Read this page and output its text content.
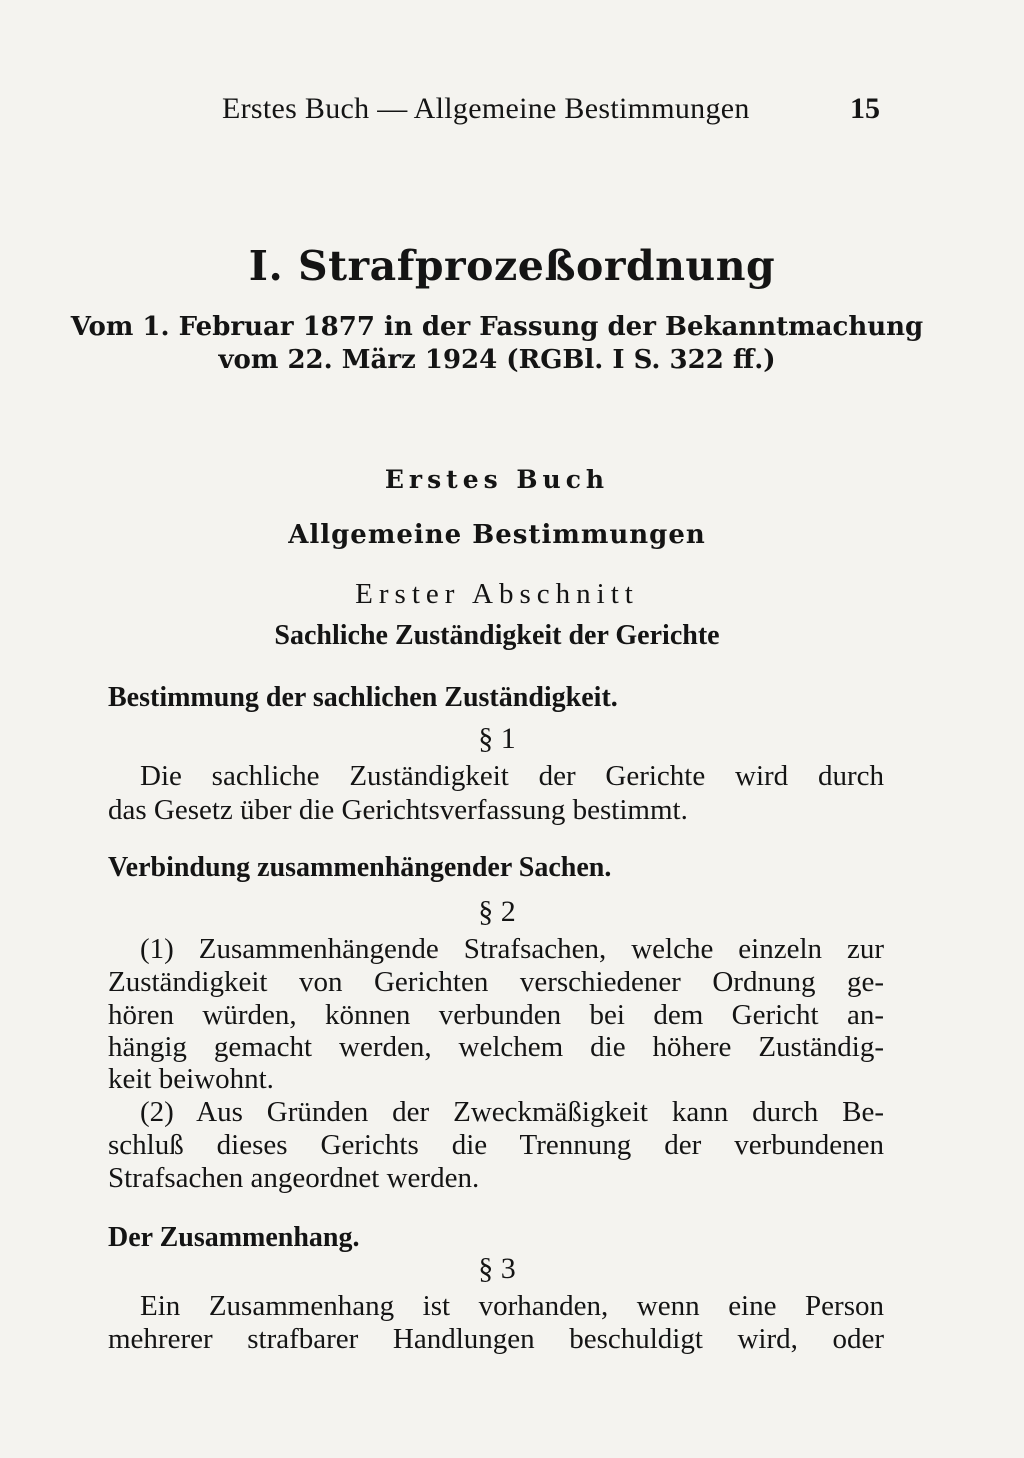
Erstes Buch — Allgemeine Bestimmungen	15
I. Strafprozeßordnung
Vom 1. Februar 1877 in der Fassung der Bekanntmachung
vom 22. März 1924 (RGBl. I S. 322 ff.)
Erstes Buch
Allgemeine Bestimmungen
Erster Abschnitt
Sachliche Zuständigkeit der Gerichte
Bestimmung der sachlichen Zuständigkeit.
§ 1
Die sachliche Zuständigkeit der Gerichte wird durch
das Gesetz über die Gerichtsverfassung bestimmt.
Verbindung zusammenhängender Sachen.
§ 2
(1) Zusammenhängende Strafsachen, welche einzeln zur
Zuständigkeit von Gerichten verschiedener Ordnung ge-
hören würden, können verbunden bei dem Gericht an-
hängig gemacht werden, welchem die höhere Zuständig-
keit beiwohnt.
(2) Aus Gründen der Zweckmäßigkeit kann durch Be-
schluß dieses Gerichts die Trennung der verbundenen
Strafsachen angeordnet werden.
Der Zusammenhang.
§ 3
Ein Zusammenhang ist vorhanden, wenn eine Person
mehrerer strafbarer Handlungen beschuldigt wird, oder
